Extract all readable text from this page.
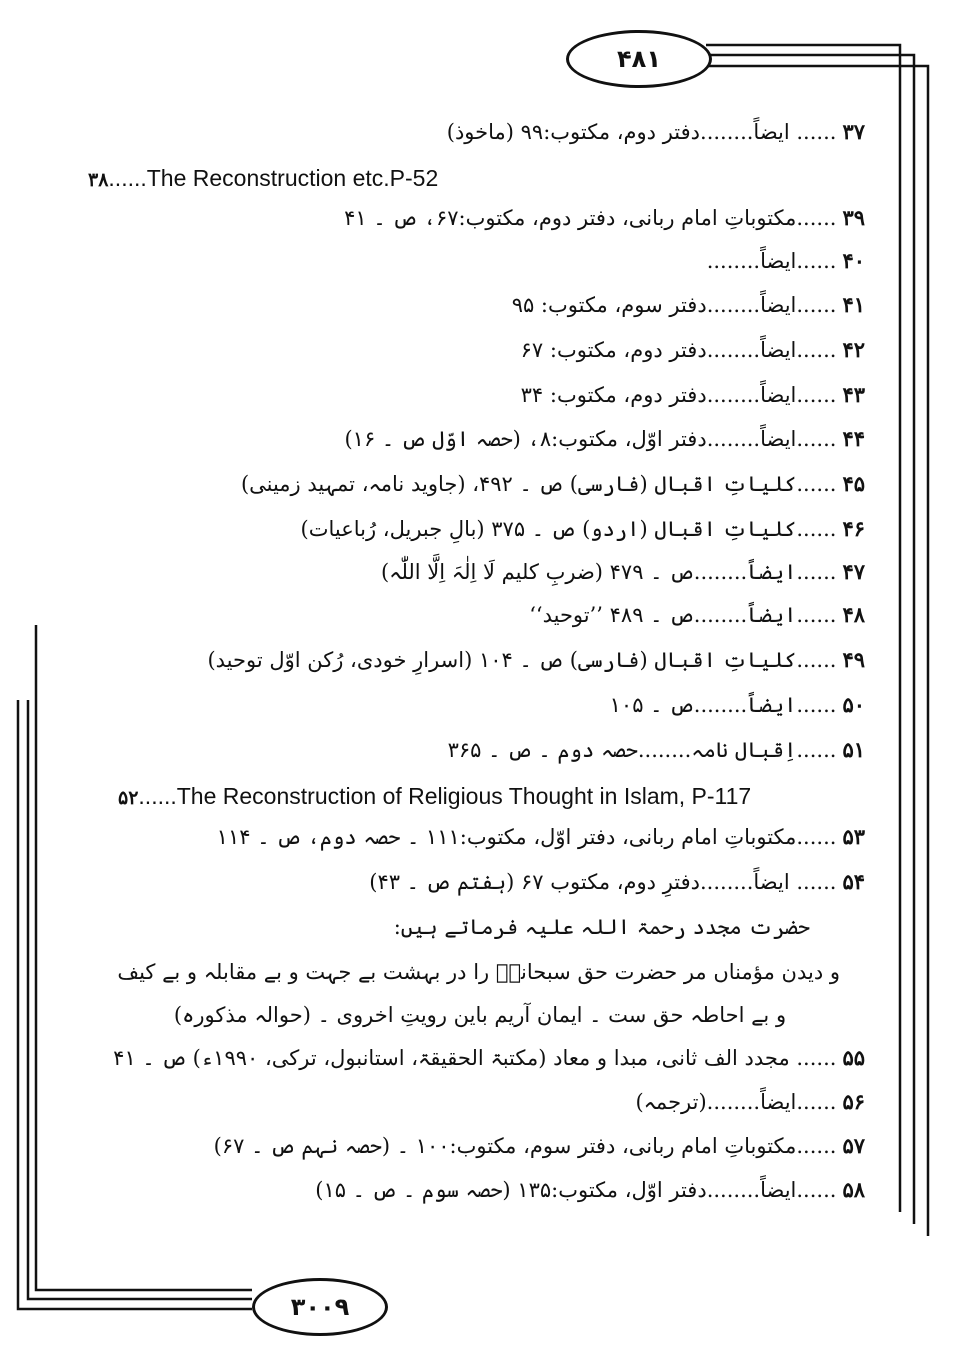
۴۸۱
۳۷...... ایضاً........دفتر دوم، مکتوب:۹۹ (ماخوذ)
۳۸......The Reconstruction etc.P-52
۳۹......مکتوباتِ امام ربانی، دفتر دوم، مکتوب:۶۷، ص ۔ ۴۱
۴۰......ایضاً........
۴۱......ایضاً........دفتر سوم، مکتوب: ۹۵
۴۲......ایضاً........دفتر دوم، مکتوب: ۶۷
۴۳......ایضاً........دفتر دوم، مکتوب: ۳۴
۴۴......ایضاً........دفتر اوّل، مکتوب:۸، (حصہ اوّل ص ۔ ۱۶)
۴۵......کلیاتِ اقبال (فارسی) ص ۔ ۴۹۲، (جاوید نامہ، تمہید زمینی)
۴۶......کلیاتِ اقبال (اردو) ص ۔ ۳۷۵ (بالِ جبریل، رُباعیات)
۴۷......ایضاً........ص ۔ ۴۷۹ (ضربِ کلیم لَا اِلٰہَ اِلَّا اللّٰہ)
۴۸......ایضاً........ص ۔ ۴۸۹ ’’توحید‘‘
۴۹......کلیاتِ اقبال (فارسی) ص ۔ ۱۰۴ (اسرارِ خودی، رُکن اوّل توحید)
۵۰......ایضاً........ص ۔ ۱۰۵
۵۱......اِقبال نامہ........حصہ دوم ۔ ص ۔ ۳۶۵
۵۲......The Reconstruction of Religious Thought in Islam, P-117
۵۳......مکتوباتِ امام ربانی، دفتر اوّل، مکتوب:۱۱۱ ۔ حصہ دوم، ص ۔ ۱۱۴
۵۴...... ایضاً........دفترِ دوم، مکتوب ۶۷ (ہفتم ص ۔ ۴۳)
حضرت مجدد رحمۃ اللہ علیہ فرماتے ہیں:
و دیدن مؤمناں مر حضرت حق سبحانہٗ را در بہشت بے جہت و بے مقابلہ و بے کیف
و بے احاطہ حق ست ۔ ایمان آریم باین رویتِ اخروی ۔ (حوالہ مذکورہ)
۵۵...... مجدد الف ثانی، مبدا و معاد (مکتبۃ الحقیقۃ، استانبول، ترکی، ۱۹۹۰ء) ص ۔ ۴۱
۵۶......ایضاً........(ترجمہ)
۵۷......مکتوباتِ امام ربانی، دفتر سوم، مکتوب:۱۰۰ ۔ (حصہ نہم ص ۔ ۶۷)
۵۸......ایضاً........دفتر اوّل، مکتوب:۱۳۵ (حصہ سوم ۔ ص ۔ ۱۵)
۳۰۰۹
